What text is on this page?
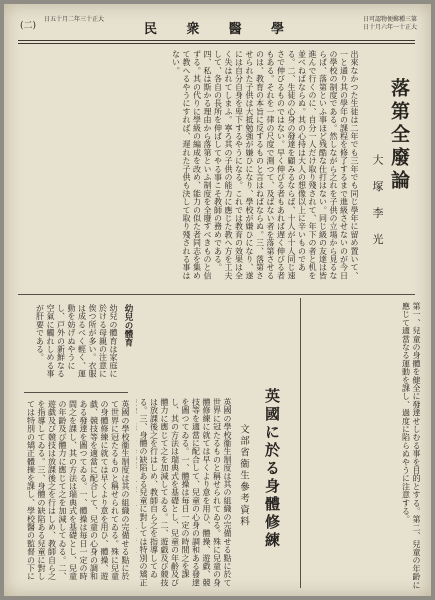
(二)
日五十月二年三十正大
民 衆 醫 學
日可認物便郵種三第
日十月六年一十正大
落第全廢論
大 塚 李 光
出來なかつた生徒は二年でも三年でも同じ學年に留め置いて、一と通り其の學年の課程を修了するまで進級させないのが今日の學校の制度である。然しながら之れを子供の立場から見るならば、落第といふ事ほど残酷な仕打はない。同じ級の友達は皆進んで行くのに、自分一人だけ取り殘されて、年下の者と机を並べねばならぬ。其の心持は大人の想像以上に辛いものである。二、生徒の心身の發達を顧みるならば、十人が十人同じ速さで伸びるものではない。早く伸びる者もあれば遅く伸びる者もある。それを一律の尺度で測つて、及ばない者を落第させるのは、教育の本旨に反するものと言はねばならぬ。三、落第させられた子供は大抵勉強が嫌ひになり、學校が嫌ひになり、遂には自分自身を卑下するやうになる。これでは教育の效果は全く失はれてしまふ。寧ろ其の子供の能力に應じた教へ方を工夫して、各自の長所を伸ばしてやる事こそ教師の務めである。四、私は斯かる理由から落第といふ制度を全廢すべきものと信ずる。其の代りに學級の編成を改め、能力の似た者同志を集めて教へるやうにすれば、遅れた子供も決して取り殘される事はない。
第一、兒童の身體を健全に發達せしむる事を目的とする。第二、兒童の年齡に應じて適當なる運動を課し、過度に陷らぬやうに注意する。
英國に於る身體修練
文部省衞生參考資料
英國の學校衞生制度は其の組織の完備せる點に於て世界に冠たるものと稱せられてゐる。殊に兒童の身體修練に就ては早くより意を用ひ、體操、遊戯、競技等を適當に配合して、兒童の心身の調和ある發達を圖つてゐる。一、體操は毎日一定の時間之を課し、其の方法は瑞典式を基礎とし、兒童の年齡及び體力に應じて之を加減してゐる。二、遊戯及び競技は放課後之を行はしめ、教師自ら之を指導してゐる。三、身體の缺陷ある兒童に對しては特別の矯正
幼兒の體育
幼兒の體育は家庭に於ける母親の注意に俟つ所が多い。衣服は成るべく輕く、運動を妨げぬやうにし、戸外の新鮮なる空氣に觸れしめる事が肝要である。
英國の學校衞生制度は其の組織の完備せる點に於て世界に冠たるものと稱せられてゐる。殊に兒童の身體修練に就ては早くより意を用ひ、體操、遊戯、競技等を適當に配合して、兒童の心身の調和ある發達を圖つてゐる。一、體操は毎日一定の時間之を課し、其の方法は瑞典式を基礎とし、兒童の年齡及び體力に應じて之を加減してゐる。二、遊戯及び競技は放課後之を行はしめ、教師自ら之を指導してゐる。三、身體の缺陷ある兒童に對しては特別の矯正體操を課し、學校醫の監督の下に
